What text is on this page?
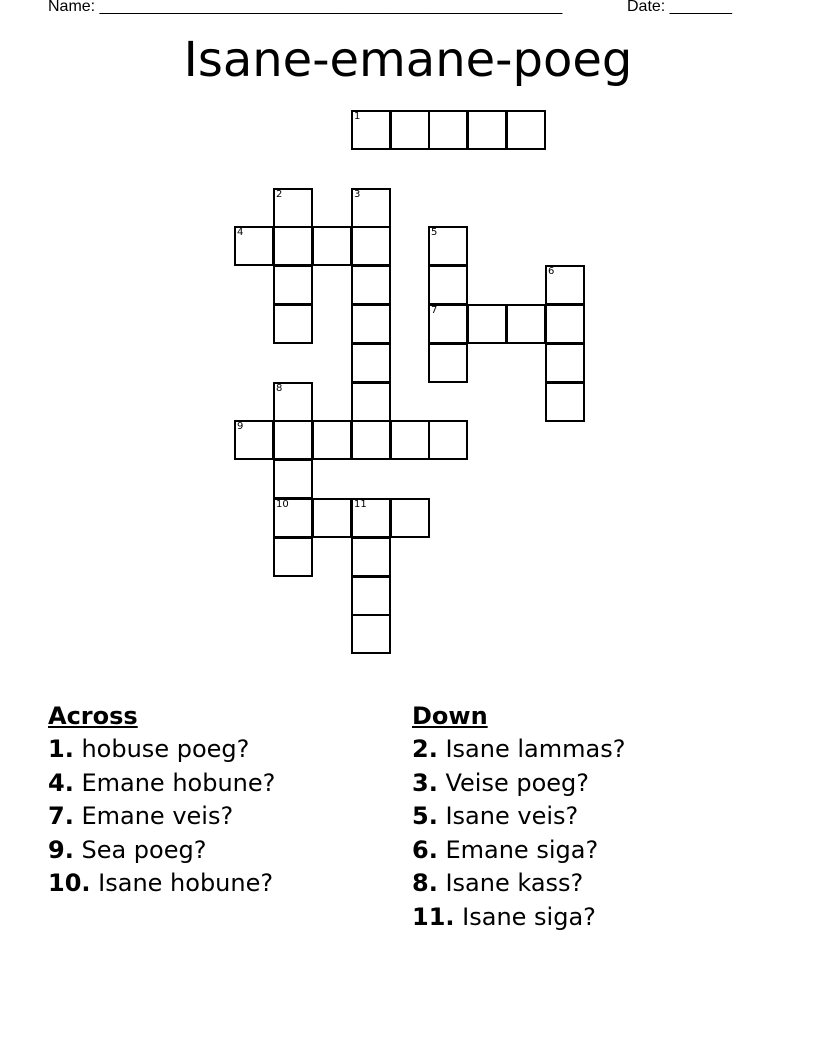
Name: ____________________________________________________	Date: _______
Isane-emane-poeg
1
2	3
4	5
6
7
8
9
10	11
Across
1. hobuse poeg?
4. Emane hobune?
7. Emane veis?
9. Sea poeg?
10. Isane hobune?
Down
2. Isane lammas?
3. Veise poeg?
5. Isane veis?
6. Emane siga?
8. Isane kass?
11. Isane siga?
